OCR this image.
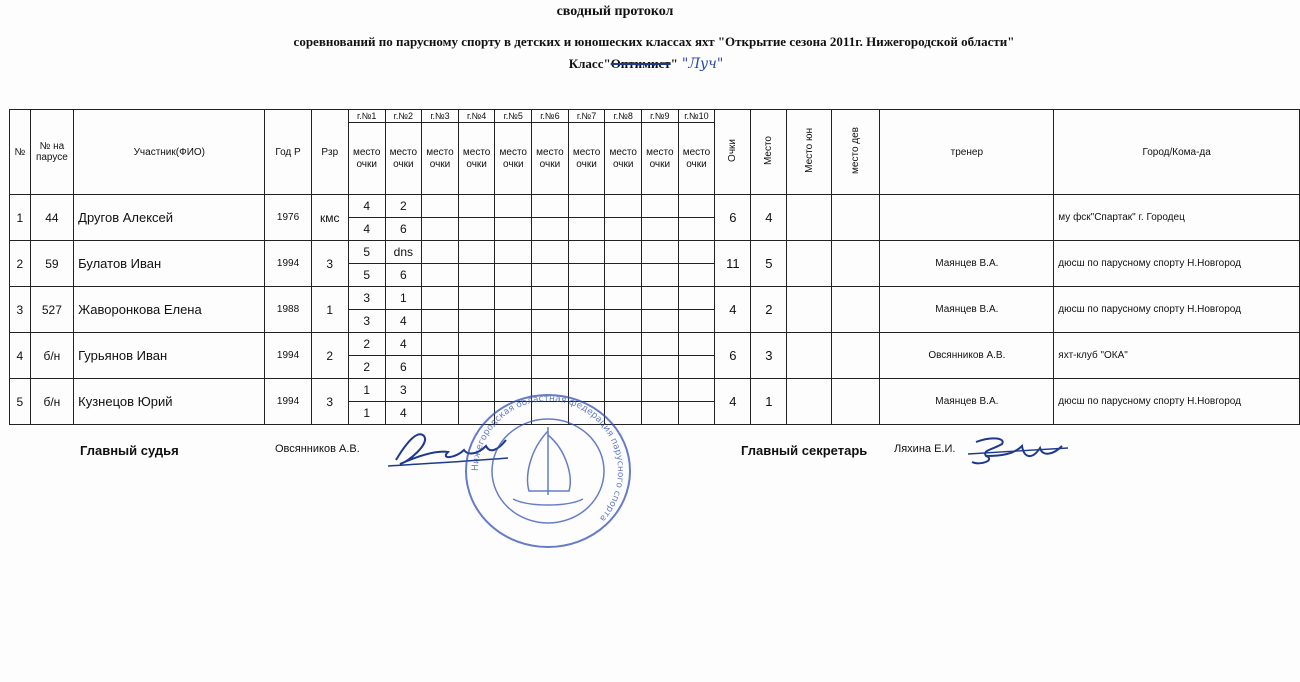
сводный протокол
соревнований по парусному спорту в детских и юношеских классах яхт "Открытие сезона 2011г. Нижегородской области"
Класс"Оптимист" "Луч"
№	№ на парусе	Участник(ФИО)	Год Р	Рзр	г.№1	г.№2	г.№3	г.№4	г.№5	г.№6	г.№7	г.№8	г.№9	г.№10	Очки	Место	Место юн	место дев	тренер	Город/Кома-да
					место очки	место очки	место очки	место очки	место очки	место очки	место очки	место очки	место очки	место очки						
1	44	Другов Алексей	1976	кмс	4	2									6	4				му фск"Спартак" г. Городец
					4	6														
2	59	Булатов Иван	1994	3	5	dns									11	5			Маянцев В.А.	дюсш по парусному спорту Н.Новгород
					5	6														
3	527	Жаворонкова Елена	1988	1	3	1									4	2			Маянцев В.А.	дюсш по парусному спорту Н.Новгород
					3	4														
4	б/н	Гурьянов Иван	1994	2	2	4									6	3			Овсянников А.В.	яхт-клуб "ОКА"
					2	6														
5	б/н	Кузнецов Юрий	1994	3	1	3									4	1			Маянцев В.А.	дюсш по парусному спорту Н.Новгород
					1	4														
Главный судья	Овсянников А.В.	Главный секретарь Ляхина Е.И.
Нижегородская областная федерация парусного спорта
